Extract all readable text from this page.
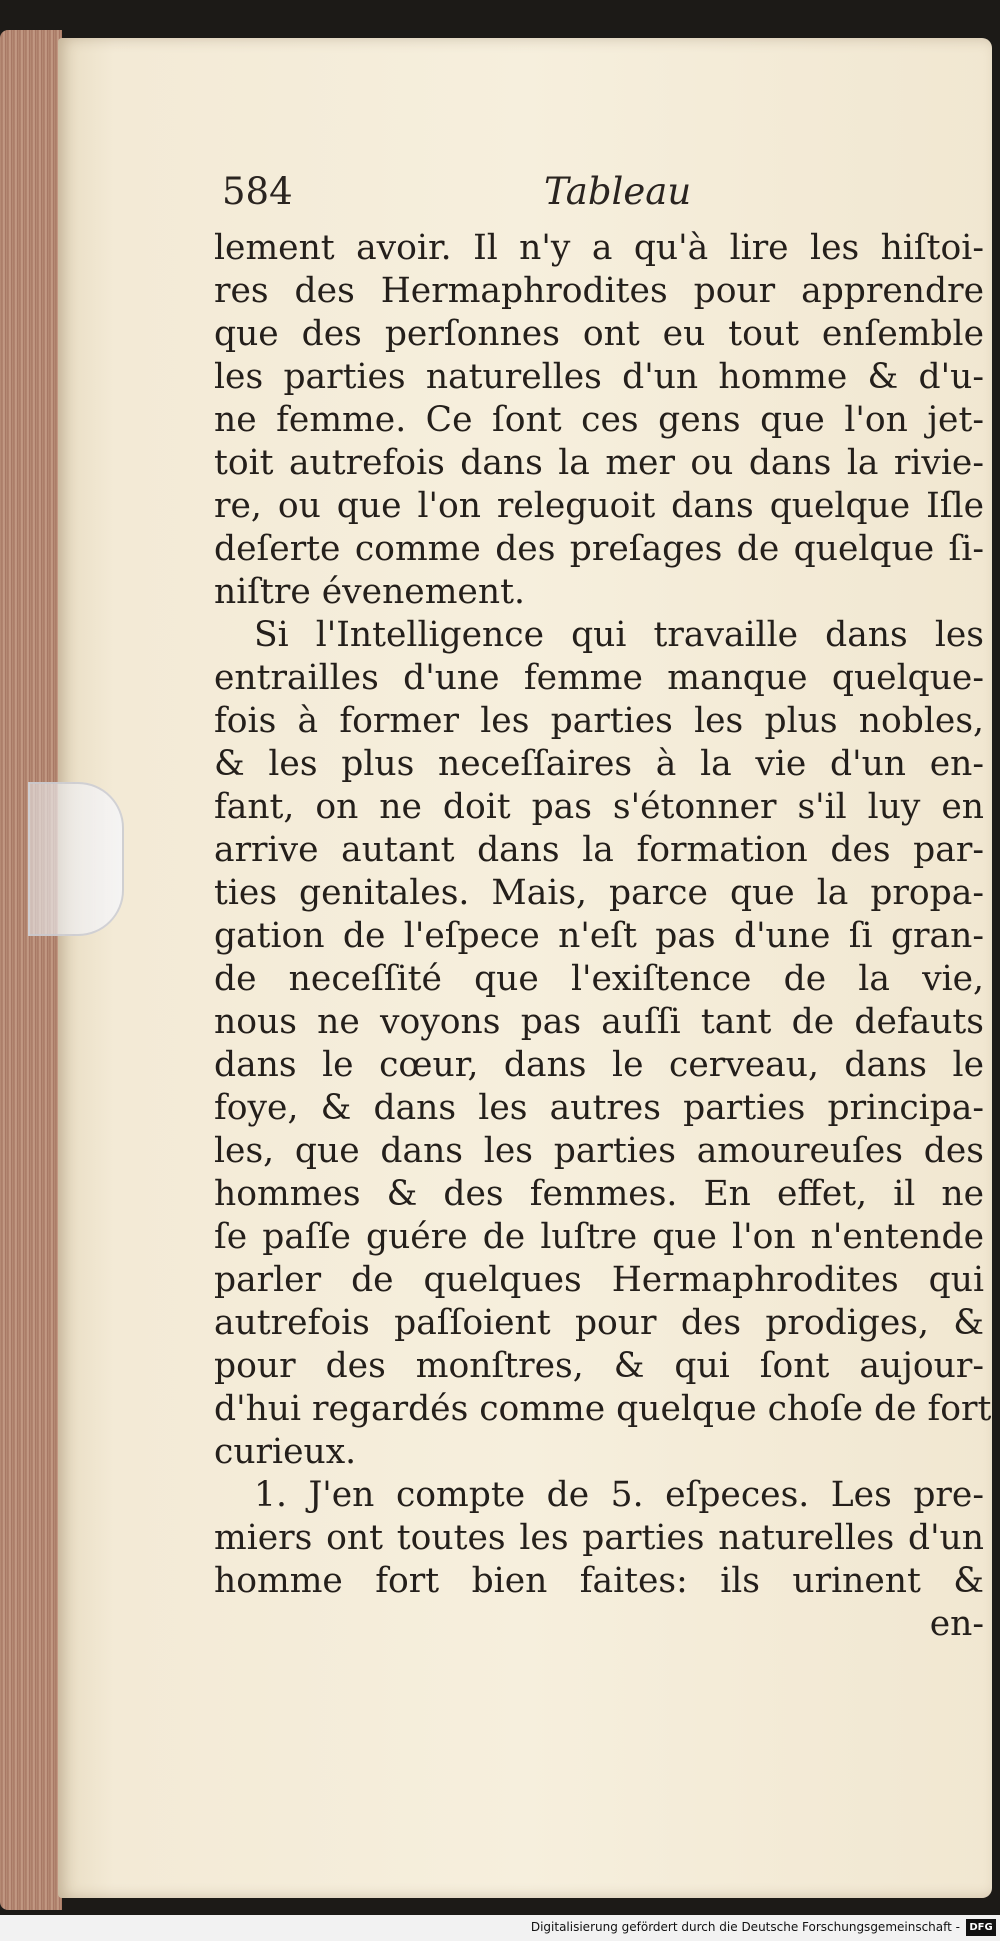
584	Tableau
lement avoir. Il n'y a qu'à lire les hiſtoi-
res des Hermaphrodites pour apprendre
que des perſonnes ont eu tout enſemble
les parties naturelles d'un homme & d'u-
ne femme. Ce ſont ces gens que l'on jet-
toit autrefois dans la mer ou dans la rivie-
re, ou que l'on releguoit dans quelque Iſle
deſerte comme des preſages de quelque ſi-
niſtre évenement.
Si l'Intelligence qui travaille dans les
entrailles d'une femme manque quelque-
fois à former les parties les plus nobles,
& les plus neceſſaires à la vie d'un en-
fant, on ne doit pas s'étonner s'il luy en
arrive autant dans la formation des par-
ties genitales. Mais, parce que la propa-
gation de l'eſpece n'eſt pas d'une ſi gran-
de neceſſité que l'exiſtence de la vie,
nous ne voyons pas auſſi tant de defauts
dans le cœur, dans le cerveau, dans le
foye, & dans les autres parties principa-
les, que dans les parties amoureuſes des
hommes & des femmes. En effet, il ne
ſe paſſe guére de luſtre que l'on n'entende
parler de quelques Hermaphrodites qui
autrefois paſſoient pour des prodiges, &
pour des monſtres, & qui ſont aujour-
d'hui regardés comme quelque choſe de fort
curieux.
1. J'en compte de 5. eſpeces. Les pre-
miers ont toutes les parties naturelles d'un
homme fort bien faites: ils urinent &
en-
Digitalisierung gefördert durch die Deutsche Forschungsgemeinschaft - DFG
